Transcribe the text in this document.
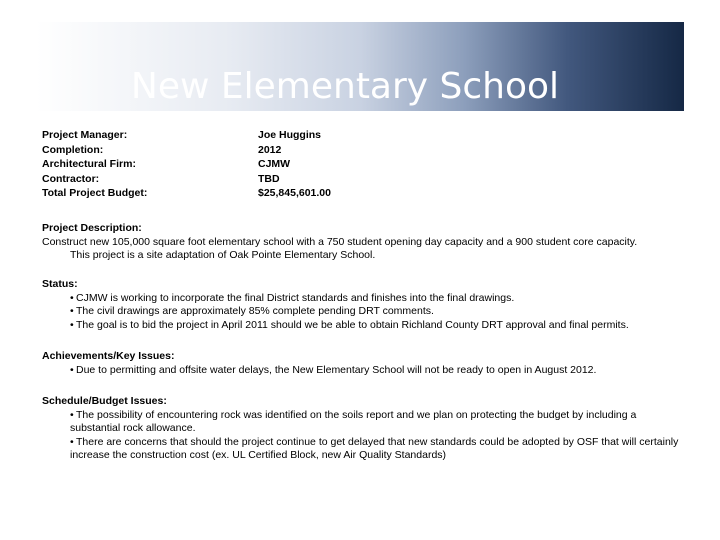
New Elementary School
Project Manager:
Completion:
Architectural Firm:
Contractor:
Total Project Budget:
Joe Huggins
2012
CJMW
TBD
$25,845,601.00
Project Description:

Construct new 105,000 square foot elementary school with a 750 student opening day capacity and a 900 student core capacity.

This project is a site adaptation of Oak Pointe Elementary School.

Status:
• CJMW is working to incorporate the final District standards and finishes into the final drawings.
• The civil drawings are approximately 85% complete pending DRT comments.
• The goal is to bid the project in April 2011 should we be able to obtain Richland County DRT approval and final permits.
Achievements/Key Issues:
• Due to permitting and offsite water delays, the New Elementary School will not be ready to open in August 2012.
Schedule/Budget Issues:
• The possibility of encountering rock was identified on the soils report and we plan on protecting the budget by including a substantial rock allowance.
• There are concerns that should the project continue to get delayed that new standards could be adopted by OSF that will certainly increase the construction cost (ex. UL Certified Block, new Air Quality Standards)
